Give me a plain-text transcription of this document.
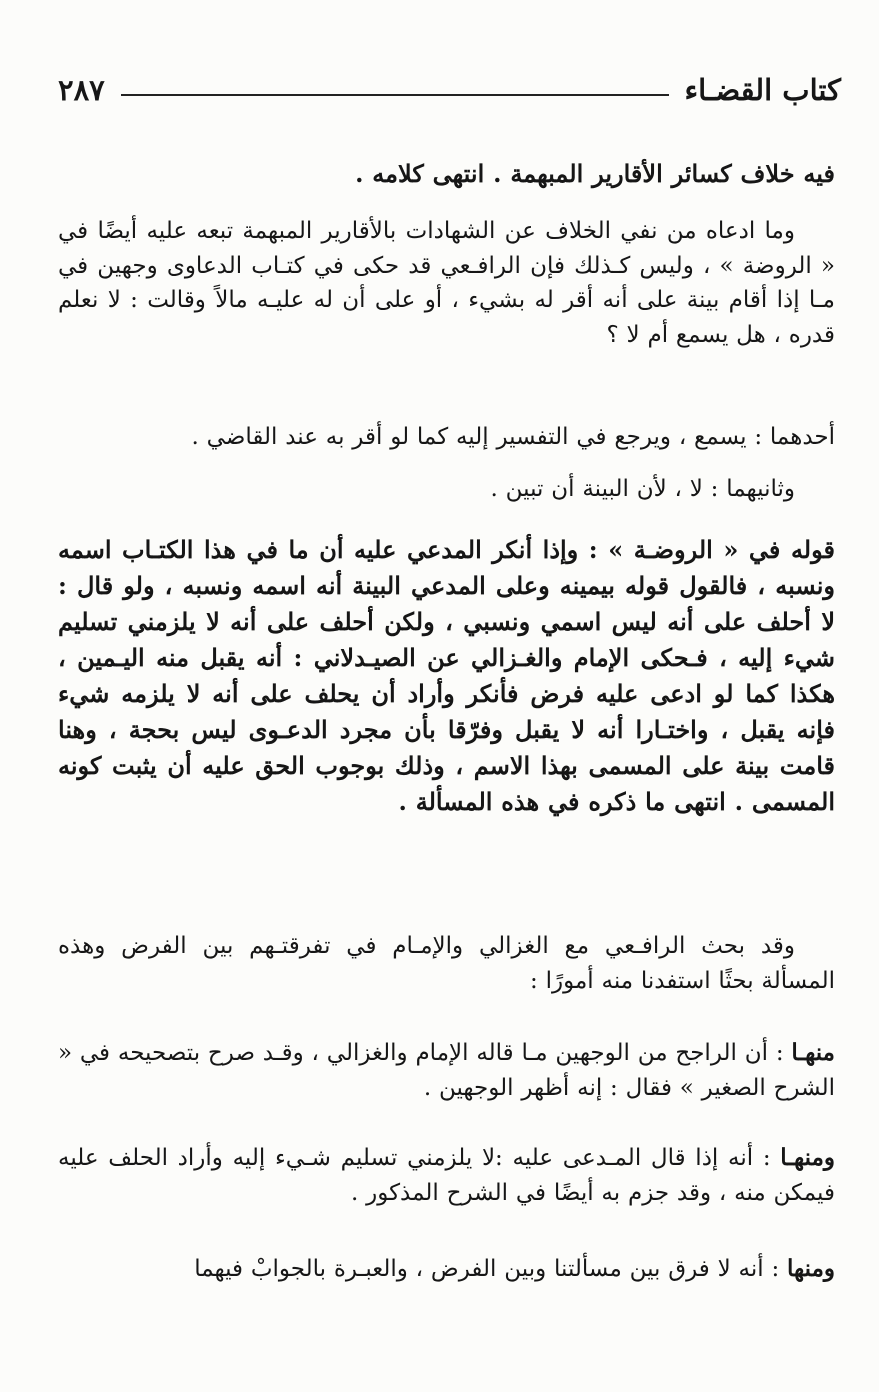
كتاب القضـاء
٢٨٧

فيه خلاف كسائر الأقارير المبهمة . انتهى كلامه .

وما ادعاه من نفي الخلاف عن الشهادات بالأقارير المبهمة تبعه عليه أيضًا في « الروضة » ، وليس كـذلك فإن الرافـعي قد حكى في كتـاب الدعاوى وجهين في مـا إذا أقام بينة على أنه أقر له بشيء ، أو على أن له عليـه مالاً وقالت : لا نعلم قدره ، هل يسمع أم لا ؟

أحدهما : يسمع ، ويرجع في التفسير إليه كما لو أقر به عند القاضي .

وثانيهما : لا ، لأن البينة أن تبين .

قوله في « الروضـة » : وإذا أنكر المدعي عليه أن ما في هذا الكتـاب اسمه ونسبه ، فالقول قوله بيمينه وعلى المدعي البينة أنه اسمه ونسبه ، ولو قال : لا أحلف على أنه ليس اسمي ونسبي ، ولكن أحلف على أنه لا يلزمني تسليم شيء إليه ، فـحكى الإمام والغـزالي عن الصيـدلاني : أنه يقبل منه اليـمين ، هكذا كما لو ادعى عليه فرض فأنكر وأراد أن يحلف على أنه لا يلزمه شيء فإنه يقبل ، واختـارا أنه لا يقبل وفرّقا بأن مجرد الدعـوى ليس بحجة ، وهنا قامت بينة على المسمى بهذا الاسم ، وذلك بوجوب الحق عليه أن يثبت كونه المسمى . انتهى ما ذكره في هذه المسألة .

وقد بحث الرافـعي مع الغزالي والإمـام في تفرقتـهم بين الفرض وهذه المسألة بحثًا استفدنا منه أمورًا :

منهـا : أن الراجح من الوجهين مـا قاله الإمام والغزالي ، وقـد صرح بتصحيحه في « الشرح الصغير » فقال : إنه أظهر الوجهين .

ومنهـا : أنه إذا قال المـدعى عليه :لا يلزمني تسليم شـيء إليه وأراد الحلف عليه فيمكن منه ، وقد جزم به أيضًا في الشرح المذكور .

ومنها : أنه لا فرق بين مسألتنا وبين الفرض ، والعبـرة بالجوابْ فيهما
